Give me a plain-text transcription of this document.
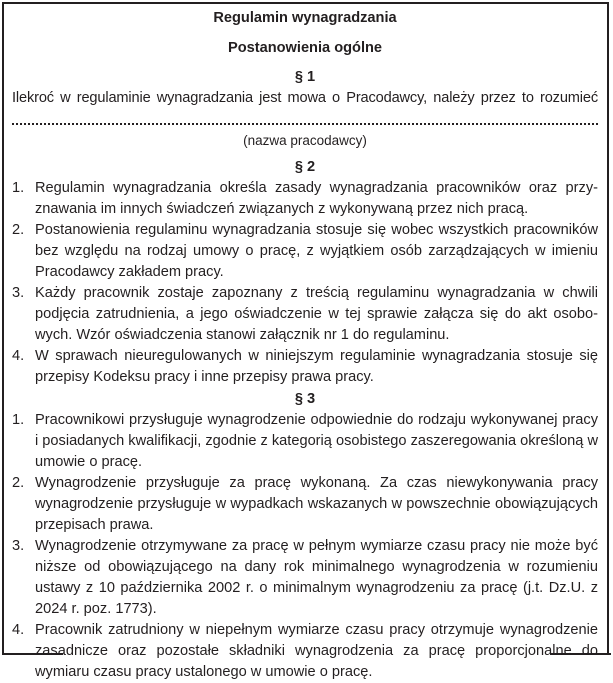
Regulamin wynagradzania
Postanowienia ogólne
§ 1

Ilekroć w regulaminie wynagradzania jest mowa o Pracodawcy, należy przez to rozumieć

(nazwa pracodawcy)
§ 2
1. Regulamin wynagradzania określa zasady wynagradzania pracowników oraz przyznawania im innych świadczeń związanych z wykonywaną przez nich pracą.
2. Postanowienia regulaminu wynagradzania stosuje się wobec wszystkich pracowników bez względu na rodzaj umowy o pracę, z wyjątkiem osób zarządzających w imieniu Pracodawcy zakładem pracy.
3. Każdy pracownik zostaje zapoznany z treścią regulaminu wynagradzania w chwili podjęcia zatrudnienia, a jego oświadczenie w tej sprawie załącza się do akt osobowych. Wzór oświadczenia stanowi załącznik nr 1 do regulaminu.
4. W sprawach nieuregulowanych w niniejszym regulaminie wynagradzania stosuje się przepisy Kodeksu pracy i inne przepisy prawa pracy.
§ 3
1. Pracownikowi przysługuje wynagrodzenie odpowiednie do rodzaju wykonywanej pracy i posiadanych kwalifikacji, zgodnie z kategorią osobistego zaszeregowania określoną w umowie o pracę.
2. Wynagrodzenie przysługuje za pracę wykonaną. Za czas niewykonywania pracy wynagrodzenie przysługuje w wypadkach wskazanych w powszechnie obowiązujących przepisach prawa.
3. Wynagrodzenie otrzymywane za pracę w pełnym wymiarze czasu pracy nie może być niższe od obowiązującego na dany rok minimalnego wynagrodzenia w rozumieniu ustawy z 10 października 2002 r. o minimalnym wynagrodzeniu za pracę (j.t. Dz.U. z 2024 r. poz. 1773).
4. Pracownik zatrudniony w niepełnym wymiarze czasu pracy otrzymuje wynagrodzenie zasadnicze oraz pozostałe składniki wynagrodzenia za pracę proporcjonalne do wymiaru czasu pracy ustalonego w umowie o pracę.
